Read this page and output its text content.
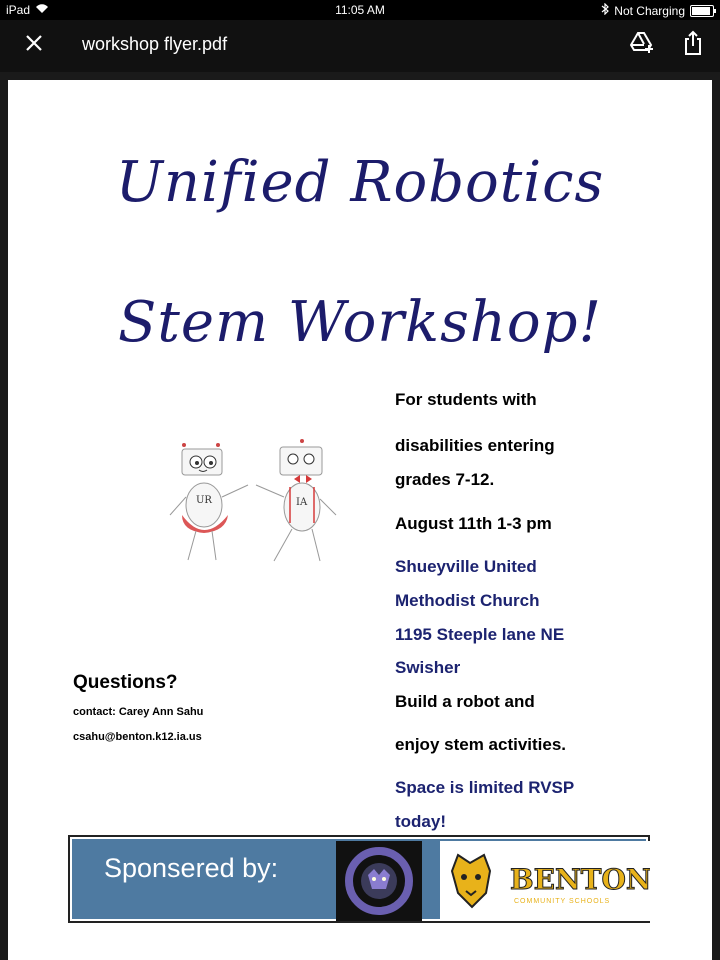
iPad	11:05 AM	Not Charging
workshop flyer.pdf
Unified Robotics
Stem Workshop!
UR	IA
For students with
disabilities entering
grades 7-12.
August 11th 1-3 pm
Shueyville United
Methodist Church
1195 Steeple lane NE
Swisher
Build a robot and
enjoy stem activities.
Space is limited RVSP
today!
Questions?
contact: Carey Ann Sahu
csahu@benton.k12.ia.us
Sponsered by:	BENTON
COMMUNITY SCHOOLS
